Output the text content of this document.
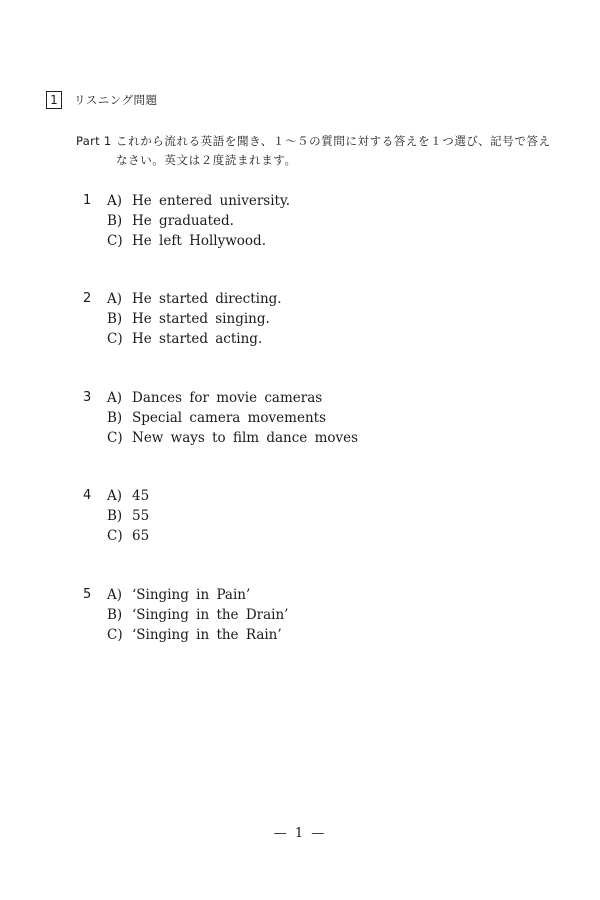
1	リスニング問題
Part 1 これから流れる英語を聞き、１～５の質問に対する答えを１つ選び、記号で答えなさい。英文は２度読まれます。
1 A) He entered university.
B) He graduated.
C) He left Hollywood.
2 A) He started directing.
B) He started singing.
C) He started acting.
3 A) Dances for movie cameras
B) Special camera movements
C) New ways to film dance moves
4 A) 45
B) 55
C) 65
5 A) ‘Singing in Pain’
B) ‘Singing in the Drain’
C) ‘Singing in the Rain’
— 1 —
